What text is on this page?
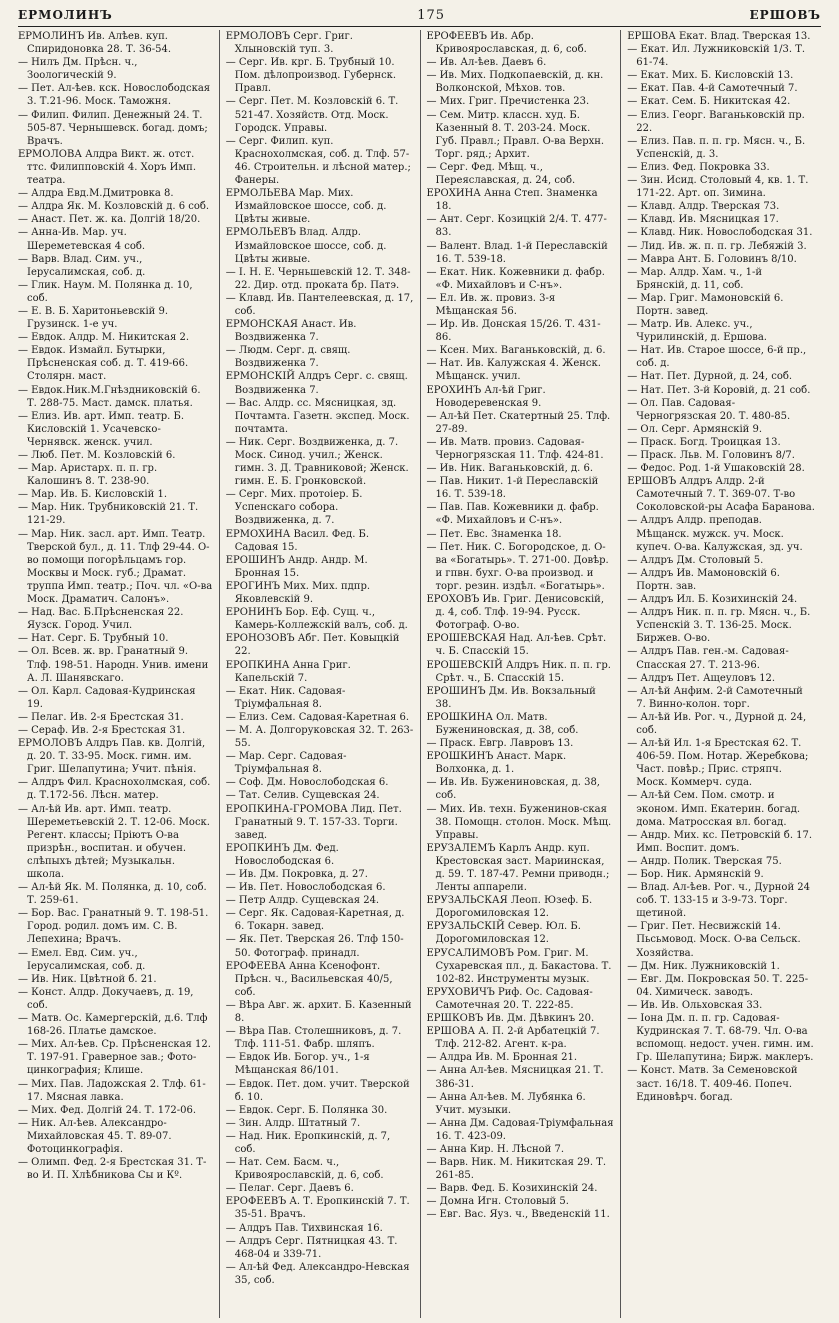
ЕРМОЛИНЪ	175	ЕРШОВЪ

ЕРМОЛИНЪ Ив. Алѣев. куп. Спиридоновка 28. Т. 36-54.

— Нилъ Дм. Прѣсн. ч., Зоологическій 9.

— Пет. Ал-ѣев. кск. Новослободская 3. Т.21-96. Моск. Таможня.

— Филип. Филип. Денежный 24. Т. 505-87. Чернышевск. богад. домъ; Врачъ.

ЕРМОЛОВА Алдра Викт. ж. отст. ттс. Филипповскій 4. Хоръ Имп. театра.

— Алдра Евд.М.Дмитровка 8.

— Алдра Як. М. Козловскій д. 6 соб.

— Анаст. Пет. ж. ка. Долгій 18/20.

— Анна-Ив. Мар. уч. Шереметевская 4 соб.

— Варв. Влад. Сим. уч., Іерусалимская, соб. д.

— Глик. Наум. М. Полянка д. 10, соб.

— Е. В. Б. Харитоньевскій 9. Грузинск. 1-е уч.

— Евдок. Алдр. М. Никитская 2.

— Евдок. Измайл. Бутырки, Прѣсненская соб. д. Т. 419-66. Столярн. маст.

— Евдок.Ник.М.Гнѣздниковскій 6. Т. 288-75. Маст. дамск. платья.

— Елиз. Ив. арт. Имп. театр. Б. Кисловскій 1. Усачевско-Чернявск. женск. учил.

— Люб. Пет. М. Козловскій 6.

— Мар. Аристарх. п. п. гр. Калошинъ 8. Т. 238-90.

— Мар. Ив. Б. Кисловскій 1.

— Мар. Ник. Трубниковскій 21. Т. 121-29.

— Мар. Ник. засл. арт. Имп. Театр. Тверской бул., д. 11. Тлф 29-44. О-во помощи погорѣльцамъ гор. Москвы и Моск. губ.; Драмат. труппа Имп. театр.; Поч. чл. «О-ва Моск. Драматич. Салонъ».

— Над. Вас. Б.Прѣсненская 22. Яузск. Город. Учил.

— Нат. Серг. Б. Трубный 10.

— Ол. Всев. ж. вр. Гранатный 9. Тлф. 198-51. Народн. Унив. имени А. Л. Шанявскаго.

— Ол. Карл. Садовая-Кудринская 19.

— Пелаг. Ив. 2-я Брестская 31.

— Сераф. Ив. 2-я Брестская 31.

ЕРМОЛОВЪ Алдръ Пав. кв. Долгій, д. 20. Т. 33-95. Моск. гимн. им. Григ. Шелапутина; Учит. пѣнія.

— Алдръ Фил. Краснохолмская, соб. д. Т.172-56. Лѣсн. матер.

— Ал-ѣй Ив. арт. Имп. театр. Шереметьевскій 2. Т. 12-06. Моск. Регент. классы; Пріютъ О-ва призрѣн., воспитан. и обучен. слѣпыхъ дѣтей; Музыкальн. школа.

— Ал-ѣй Як. М. Полянка, д. 10, соб. Т. 259-61.

— Бор. Вас. Гранатный 9. Т. 198-51. Город. родил. домъ им. С. В. Лепехина; Врачъ.

— Емел. Евд. Сим. уч., Іерусалимская, соб. д.

— Ив. Ник. Цвѣтной б. 21.

— Конст. Алдр. Докучаевъ, д. 19, соб.

— Матв. Ос. Камергерскій, д.6. Тлф 168-26. Платье дамское.

— Мих. Ал-ѣев. Ср. Прѣсненская 12. Т. 197-91. Граверное зав.; Фото-цинкография; Клише.

— Мих. Пав. Ладожская 2. Тлф. 61-17. Мясная лавка.

— Мих. Фед. Долгій 24. Т. 172-06.

— Ник. Ал-ѣев. Александро-Михайловская 45. Т. 89-07. Фотоцинкографія.

— Олимп. Фед. 2-я Брестская 31. Т-во И. П. Хлѣбникова Сы и Кº.

ЕРМОЛОВЪ Серг. Григ. Хлыновскій туп. 3.

— Серг. Ив. крг. Б. Трубный 10. Пом. дѣлопроизвод. Губернск. Правл.

— Серг. Пет. М. Козловскій 6. Т. 521-47. Хозяйств. Отд. Моск. Городск. Управы.

— Серг. Филип. куп. Краснохолмская, соб. д. Тлф. 57-46. Строительн. и лѣсной матер.; Фанеры.

ЕРМОЛЬЕВА Мар. Мих. Измайловское шоссе, соб. д. Цвѣты живые.

ЕРМОЛЬЕВЪ Влад. Алдр. Измайловское шоссе, соб. д. Цвѣты живые.

— І. Н. Е. Черньшевскій 12. Т. 348-22. Дир. отд. проката бр. Патэ.

— Клавд. Ив. Пантелеевская, д. 17, соб.

ЕРМОНСКАЯ Анаст. Ив. Воздвиженка 7.

— Людм. Серг. д. свящ. Воздвиженка 7.

ЕРМОНСКІЙ Алдръ Серг. с. свящ. Воздвиженка 7.

— Вас. Алдр. сс. Мясницкая, зд. Почтамта. Газетн. экспед. Моск. почтамта.

— Ник. Серг. Воздвиженка, д. 7. Моск. Синод. учил.; Женск. гимн. 3. Д. Травниковой; Женск. гимн. Е. Б. Гронковской.

— Серг. Мих. протоіер. Б. Успенскаго собора. Воздвиженка, д. 7.

ЕРМОХИНА Васил. Фед. Б. Садовая 15.

ЕРОШИНЪ Андр. Андр. М. Бронная 15.

ЕРОГИНЪ Мих. Мих. пдпр. Яковлевскій 9.

ЕРОНИНЪ Бор. Еф. Сущ. ч., Камерь-Коллежскій валъ, соб. д.

ЕРОНОЗОВЪ Абг. Пет. Ковыцкій 22.

ЕРОПКИНА Анна Григ. Капельскій 7.

— Екат. Ник. Садовая-Тріумфальная 8.

— Елиз. Сем. Садовая-Каретная 6.

— М. А. Долгоруковская 32. Т. 263-55.

— Мар. Серг. Садовая-Тріумфальная 8.

— Соф. Дм. Новослободская 6.

— Тат. Селив. Сущевская 24.

ЕРОПКИНА-ГРОМОВА Лид. Пет. Гранатный 9. Т. 157-33. Торги. завед.

ЕРОПКИНЪ Дм. Фед. Новослободская 6.

— Ив. Дм. Покровка, д. 27.

— Ив. Пет. Новослободская 6.

— Петр Алдр. Сущевская 24.

— Серг. Як. Садовая-Каретная, д. 6. Токарн. завед.

— Як. Пет. Тверская 26. Тлф 150-50. Фотограф. принадл.

ЕРОФЕЕВА Анна Ксенофонт. Прѣсн. ч., Васильевская 40/5, соб.

— Вѣра Авг. ж. архит. Б. Казенный 8.

— Вѣра Пав. Столешниковъ, д. 7. Тлф. 111-51. Фабр. шляпъ.

— Евдок Ив. Богор. уч., 1-я Мѣщанская 86/101.

— Евдок. Пет. дом. учит. Тверской б. 10.

— Евдок. Серг. Б. Полянка 30.

— Зин. Алдр. Штатный 7.

— Над. Ник. Еропкинскій, д. 7, соб.

— Нат. Сем. Басм. ч., Кривоярославскій, д. 6, соб.

— Пелаг. Серг. Даевъ 6.

ЕРОФЕЕВЪ А. Т. Еропкинскій 7. Т. 35-51. Врачъ.

— Алдръ Пав. Тихвинская 16.

— Алдръ Серг. Пятницкая 43. Т. 468-04 и 339-71.

— Ал-ѣй Фед. Александро-Невская 35, соб.

ЕРОФЕЕВЪ Ив. Абр. Кривоярославская, д. 6, соб.

— Ив. Ал-ѣев. Даевъ 6.

— Ив. Мих. Подкопаевскій, д. кн. Волконской, Мѣхов. тов.

— Мих. Григ. Пречистенка 23.

— Сем. Митр. классн. худ. Б. Казенный 8. Т. 203-24. Моск. Губ. Правл.; Правл. О-ва Верхн. Торг. ряд.; Архит.

— Серг. Фед. Мѣщ. ч., Переяславская, д. 24, соб.

ЕРОХИНА Анна Степ. Знаменка 18.

— Ант. Серг. Козицкій 2/4. Т. 477-83.

— Валент. Влад. 1-й Переславскій 16. Т. 539-18.

— Екат. Ник. Кожевники д. фабр. «Ф. Михайловъ и С-нъ».

— Ел. Ив. ж. провиз. 3-я Мѣщанская 56.

— Ир. Ив. Донская 15/26. Т. 431-86.

— Ксен. Мих. Ваганьковскій, д. 6.

— Нат. Ив. Калужская 4. Женск. Мѣщанск. учил.

ЕРОХИНЪ Ал-ѣй Григ. Новодеревенская 9.

— Ал-ѣй Пет. Скатертный 25. Тлф. 27-89.

— Ив. Матв. провиз. Садовая-Черногрязская 11. Тлф. 424-81.

— Ив. Ник. Ваганьковскій, д. 6.

— Пав. Никит. 1-й Переславскій 16. Т. 539-18.

— Пав. Пав. Кожевники д. фабр. «Ф. Михайловъ и С-нъ».

— Пет. Евс. Знаменка 18.

— Пет. Ник. С. Богородское, д. О-ва «Богатырь». Т. 271-00. Довѣр. и гпвн. бухг. О-ва производ. и торг. резин. издѣл. «Богатырь».

ЕРОХОВЪ Ив. Григ. Денисовскій, д. 4, соб. Тлф. 19-94. Русск. Фотограф. О-во.

ЕРОШЕВСКАЯ Над. Ал-ѣев. Срѣт. ч. Б. Спасскій 15.

ЕРОШЕВСКІЙ Алдръ Ник. п. п. гр. Срѣт. ч., Б. Спасскій 15.

ЕРОШИНЪ Дм. Ив. Вокзальный 38.

ЕРОШКИНА Ол. Матв. Бужениновская, д. 38, соб.

— Праск. Евгр. Лавровъ 13.

ЕРОШКИНЪ Анаст. Марк. Волхонка, д. 1.

— Ив. Ив. Бужениновская, д. 38, соб.

— Мих. Ив. техн. Буженинов-ская 38. Помощн. столон. Моск. Мѣщ. Управы.

ЕРУЗАЛЕМЪ Карлъ Андр. куп. Крестовская заст. Мариинская, д. 59. Т. 187-47. Ремни приводн.; Ленты аппарели.

ЕРУЗАЛЬСКАЯ Леоп. Юзеф. Б. Дорогомиловская 12.

ЕРУЗАЛЬСКІЙ Север. Юл. Б. Дорогомиловская 12.

ЕРУСАЛИМОВЪ Ром. Григ. М. Сухаревская пл., д. Бакастова. Т. 102-82. Инструменты музык.

ЕРУХОВИЧЪ Риф. Ос. Садовая-Самотечная 20. Т. 222-85.

ЕРШКОВЪ Ив. Дм. Дѣвкинъ 20.

ЕРШОВА А. П. 2-й Арбатецкій 7. Тлф. 212-82. Агент. к-ра.

— Алдра Ив. М. Бронная 21.

— Анна Ал-ѣев. Мясницкая 21. Т. 386-31.

— Анна Ал-ѣев. М. Лубянка 6. Учит. музыки.

— Анна Дм. Садовая-Тріумфальная 16. Т. 423-09.

— Анна Кир. Н. Лѣсной 7.

— Варв. Ник. М. Никитская 29. Т. 261-85.

— Варв. Фед. Б. Козихинскій 24.

— Домна Игн. Столовый 5.

— Евг. Вас. Яуз. ч., Введенскій 11.

ЕРШОВА Екат. Влад. Тверская 13.

— Екат. Ил. Лужниковскій 1/3. Т. 61-74.

— Екат. Мих. Б. Кисловскій 13.

— Екат. Пав. 4-й Самотечный 7.

— Екат. Сем. Б. Никитская 42.

— Елиз. Георг. Ваганьковскій пр. 22.

— Елиз. Пав. п. п. гр. Мясн. ч., Б. Успенскій, д. 3.

— Елиз. Фед. Покровка 33.

— Зин. Исид. Столовый 4, кв. 1. Т. 171-22. Арт. оп. Зимина.

— Клавд. Алдр. Тверская 73.

— Клавд. Ив. Мясницкая 17.

— Клавд. Ник. Новослободская 31.

— Лид. Ив. ж. п. п. гр. Лебяжій 3.

— Мавра Ант. Б. Головинъ 8/10.

— Мар. Алдр. Хам. ч., 1-й Брянскій, д. 11, соб.

— Мар. Григ. Мамоновскій 6. Портн. завед.

— Матр. Ив. Алекс. уч., Чурилинскій, д. Ершова.

— Нат. Ив. Старое шоссе, 6-й пр., соб. д.

— Нат. Пет. Дурной, д. 24, соб.

— Нат. Пет. 3-й Коровій, д. 21 соб.

— Ол. Пав. Садовая-Черногрязская 20. Т. 480-85.

— Ол. Серг. Армянскій 9.

— Праск. Богд. Троицкая 13.

— Праск. Льв. М. Головинъ 8/7.

— Федос. Род. 1-й Ушаковскій 28.

ЕРШОВЪ Алдръ Алдр. 2-й Самотечный 7. Т. 369-07. Т-во Соколовской-ры Асафа Баранова.

— Алдръ Алдр. преподав. Мѣщанск. мужск. уч. Моск. купеч. О-ва. Калужская, зд. уч.

— Алдръ Дм. Столовый 5.

— Алдръ Ив. Мамоновскій 6. Портн. зав.

— Алдръ Ил. Б. Козихинскій 24.

— Алдръ Ник. п. п. гр. Мясн. ч., Б. Успенскій 3. Т. 136-25. Моск. Биржев. О-во.

— Алдръ Пав. ген.-м. Садовая-Спасская 27. Т. 213-96.

— Алдръ Пет. Ащеуловъ 12.

— Ал-ѣй Анфим. 2-й Самотечный 7. Винно-колон. торг.

— Ал-ѣй Ив. Рог. ч., Дурной д. 24, соб.

— Ал-ѣй Ил. 1-я Брестская 62. Т. 406-59. Пом. Нотар. Жеребкова; Част. повѣр.; Прис. стряпч. Моск. Коммерч. суда.

— Ал-ѣй Сем. Пом. смотр. и эконом. Имп. Екатерин. богад. дома. Матросская вл. богад.

— Андр. Мих. кс. Петровскій б. 17. Имп. Воспит. домъ.

— Андр. Полик. Тверская 75.

— Бор. Ник. Армянскій 9.

— Влад. Ал-ѣев. Рог. ч., Дурной 24 соб. Т. 133-15 и 3-9-73. Торг. щетиной.

— Григ. Пет. Несвижскій 14. Пьсьмовод. Моск. О-ва Сельск. Хозяйства.

— Дм. Ник. Лужниковскій 1.

— Евг. Дм. Покровская 50. Т. 225-04. Химическ. заводъ.

— Ив. Ив. Ольховская 33.

— Іона Дм. п. п. гр. Садовая-Кудринская 7. Т. 68-79. Чл. О-ва вспомощ. недост. учен. гимн. им. Гр. Шелапутина; Бирж. маклеръ.

— Конст. Матв. За Семеновской заст. 16/18. Т. 409-46. Попеч. Единовѣрч. богад.
